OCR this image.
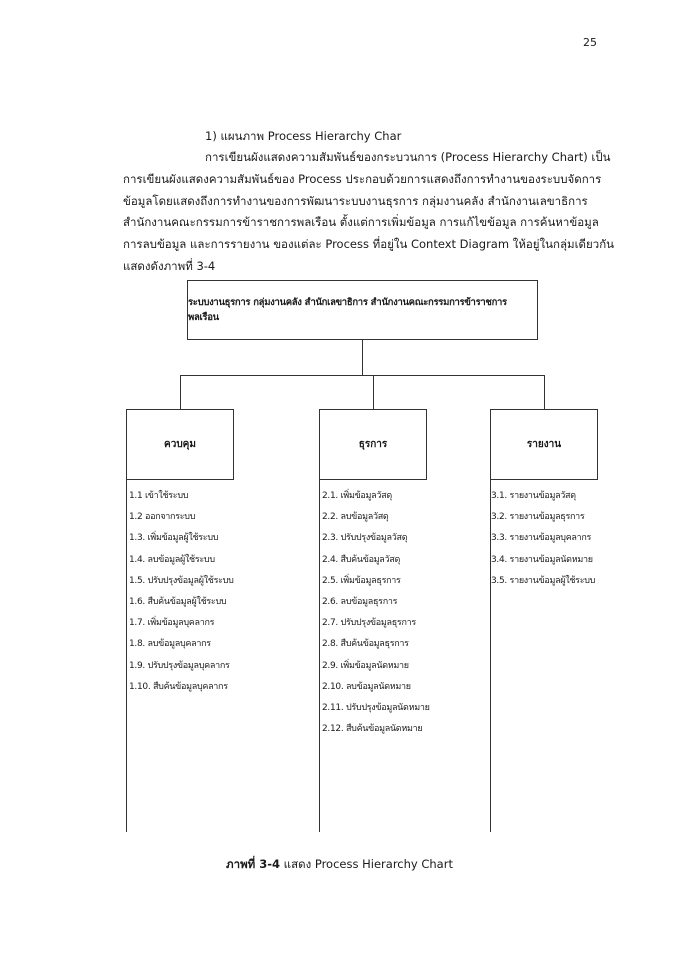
25
1) แผนภาพ Process Hierarchy Char
การเขียนผังแสดงความสัมพันธ์ของกระบวนการ (Process Hierarchy Chart) เป็น
การเขียนผังแสดงความสัมพันธ์ของ Process ประกอบด้วยการแสดงถึงการทำงานของระบบจัดการ
ข้อมูลโดยแสดงถึงการทำงานของการพัฒนาระบบงานธุรการ กลุ่มงานคลัง สำนักงานเลขาธิการ
สำนักงานคณะกรรมการข้าราชการพลเรือน ตั้งแต่การเพิ่มข้อมูล การแก้ไขข้อมูล การค้นหาข้อมูล
การลบข้อมูล และการรายงาน ของแต่ละ Process ที่อยู่ใน Context Diagram ให้อยู่ในกลุ่มเดียวกัน
แสดงดังภาพที่ 3-4
ระบบงานธุรการ กลุ่มงานคลัง สำนักเลขาธิการ สำนักงานคณะกรรมการข้าราชการพลเรือน
ควบคุม	ธุรการ	รายงาน
1.1 เข้าใช้ระบบ
1.2 ออกจากระบบ
1.3. เพิ่มข้อมูลผู้ใช้ระบบ
1.4. ลบข้อมูลผู้ใช้ระบบ
1.5. ปรับปรุงข้อมูลผู้ใช้ระบบ
1.6. สืบค้นข้อมูลผู้ใช้ระบบ
1.7. เพิ่มข้อมูลบุคลากร
1.8. ลบข้อมูลบุคลากร
1.9. ปรับปรุงข้อมูลบุคลากร
1.10. สืบค้นข้อมูลบุคลากร
2.1. เพิ่มข้อมูลวัสดุ
2.2. ลบข้อมูลวัสดุ
2.3. ปรับปรุงข้อมูลวัสดุ
2.4. สืบค้นข้อมูลวัสดุ
2.5. เพิ่มข้อมูลธุรการ
2.6. ลบข้อมูลธุรการ
2.7. ปรับปรุงข้อมูลธุรการ
2.8. สืบค้นข้อมูลธุรการ
2.9. เพิ่มข้อมูลนัดหมาย
2.10. ลบข้อมูลนัดหมาย
2.11. ปรับปรุงข้อมูลนัดหมาย
2.12. สืบค้นข้อมูลนัดหมาย
3.1. รายงานข้อมูลวัสดุ
3.2. รายงานข้อมูลธุรการ
3.3. รายงานข้อมูลบุคลากร
3.4. รายงานข้อมูลนัดหมาย
3.5. รายงานข้อมูลผู้ใช้ระบบ
ภาพที่ 3-4 แสดง Process Hierarchy Chart
